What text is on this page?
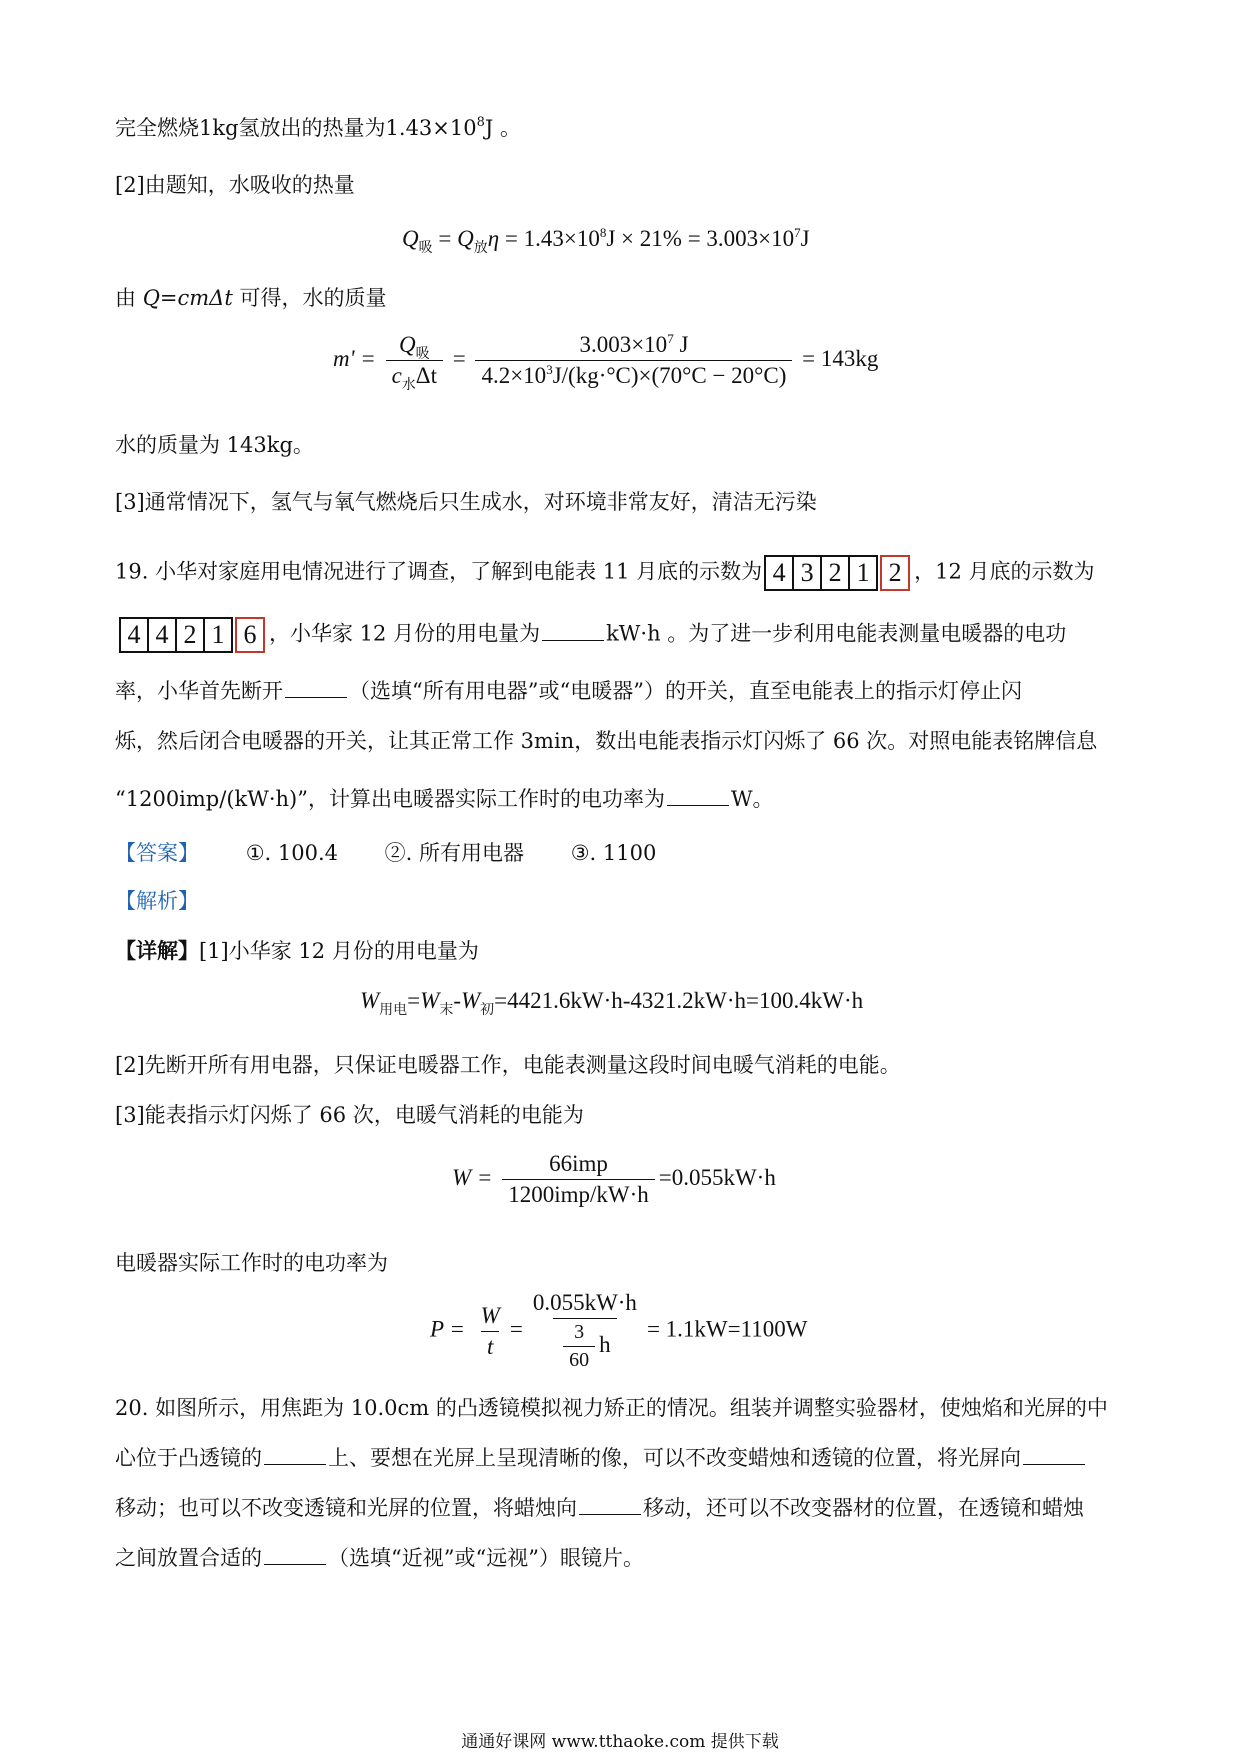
完全燃烧1kg氢放出的热量为$1.43\times 10^8J$ 。
[2]由题知，水吸收的热量
$Q_吸 = Q_放\eta = 1.43\times 10^8J \times 21\% = 3.003\times 10^7J$
由 Q=cmΔt 可得，水的质量
$m' = \frac{Q_吸}{c_水\Delta t} = \frac{3.003\times 10^7 J}{4.2\times 10^3J/(kg\cdot^\circ C)\times(70^\circ C - 20^\circ C)} = 143kg$
水的质量为 143kg。
[3]通常情况下，氢气与氧气燃烧后只生成水，对环境非常友好，清洁无污染
19. 小华对家庭用电情况进行了调查，了解到电能表 11 月底的示数为 4 3 2 1 2 ，12 月底的示数为
4 4 2 1 6 ，小华家 12 月份的用电量为	kW·h 。为了进一步利用电能表测量电暖器的电功
率，小华首先断开	（选填“所有用电器”或“电暖器”）的开关，直至电能表上的指示灯停止闪
烁，然后闭合电暖器的开关，让其正常工作 3min，数出电能表指示灯闪烁了 66 次。对照电能表铭牌信息
“1200imp/(kW·h)”，计算出电暖器实际工作时的电功率为	W。
【答案】 ①. 100.4 ②. 所有用电器 ③. 1100
【解析】
【详解】[1]小华家 12 月份的用电量为
$W_{用电}=W_末-W_初=4421.6kW\cdot h-4321.2kW\cdot h=100.4kW\cdot h$
[2]先断开所有用电器，只保证电暖器工作，电能表测量这段时间电暖气消耗的电能。
[3]能表指示灯闪烁了 66 次，电暖气消耗的电能为
$W = \frac{\text{66imp}}{\text{1200imp/kW·h}} =0.055kW\cdot h$
电暖器实际工作时的电功率为
$P = \frac{W}{t} = \frac{0.055kW\cdot h}{\frac{3}{60} h} = 1.1kW=1100W$
20. 如图所示，用焦距为 10.0cm 的凸透镜模拟视力矫正的情况。组装并调整实验器材，使烛焰和光屏的中
心位于凸透镜的	上、要想在光屏上呈现清晰的像，可以不改变蜡烛和透镜的位置，将光屏向
移动；也可以不改变透镜和光屏的位置，将蜡烛向	移动，还可以不改变器材的位置，在透镜和蜡烛
之间放置合适的	（选填“近视”或“远视”）眼镜片。
通通好课网 www.tthaoke.com 提供下载
